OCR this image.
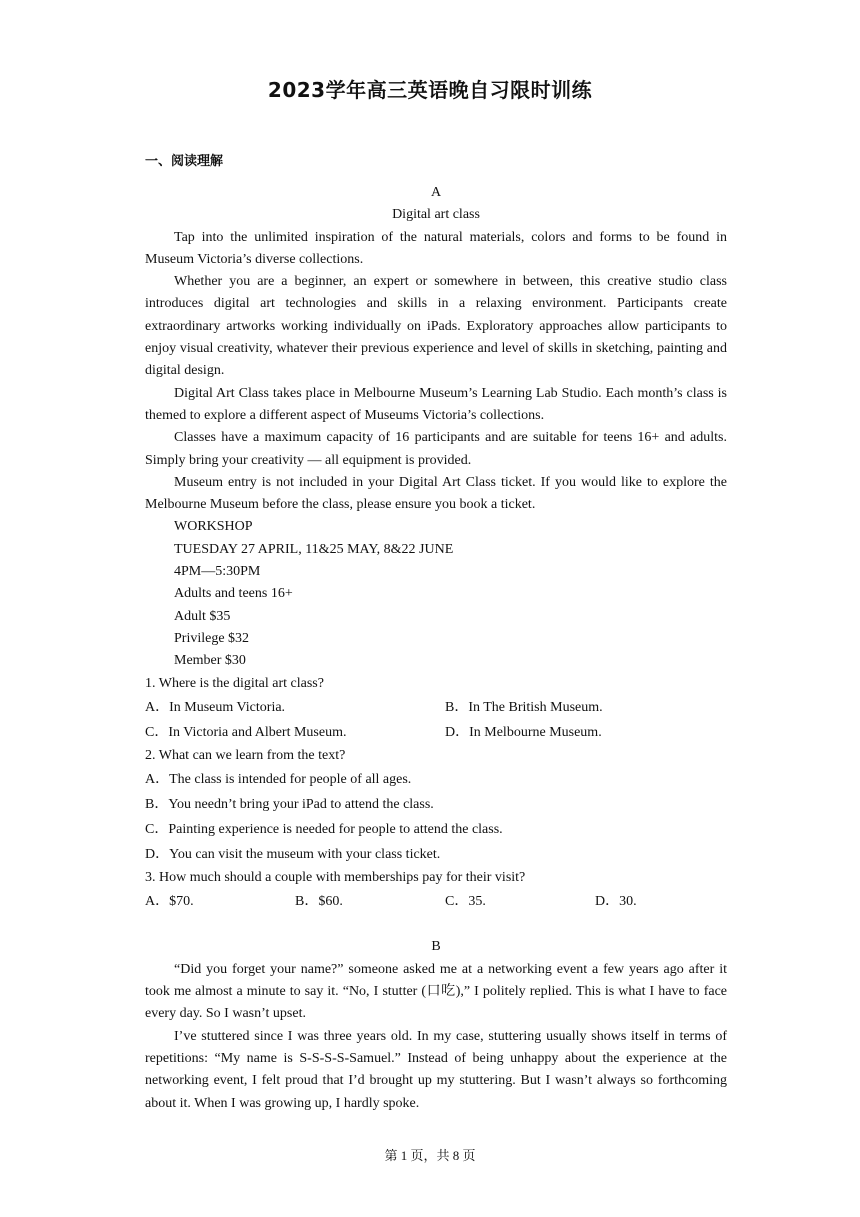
2023学年高三英语晚自习限时训练
一、阅读理解
A
Digital art class

Tap into the unlimited inspiration of the natural materials, colors and forms to be found in Museum Victoria’s diverse collections.

Whether you are a beginner, an expert or somewhere in between, this creative studio class introduces digital art technologies and skills in a relaxing environment. Participants create extraordinary artworks working individually on iPads. Exploratory approaches allow participants to enjoy visual creativity, whatever their previous experience and level of skills in sketching, painting and digital design.

Digital Art Class takes place in Melbourne Museum’s Learning Lab Studio. Each month’s class is themed to explore a different aspect of Museums Victoria’s collections.

Classes have a maximum capacity of 16 participants and are suitable for teens 16+ and adults. Simply bring your creativity — all equipment is provided.

Museum entry is not included in your Digital Art Class ticket. If you would like to explore the Melbourne Museum before the class, please ensure you book a ticket.

WORKSHOP

TUESDAY 27 APRIL, 11&25 MAY, 8&22 JUNE

4PM—5:30PM

Adults and teens 16+

Adult $35

Privilege $32

Member $30

1. Where is the digital art class?

A．In Museum Victoria.	B．In The British Museum.
C．In Victoria and Albert Museum.	D．In Melbourne Museum.

2. What can we learn from the text?

A．The class is intended for people of all ages.

B．You needn’t bring your iPad to attend the class.

C．Painting experience is needed for people to attend the class.

D．You can visit the museum with your class ticket.

3. How much should a couple with memberships pay for their visit?

A．$70.	B．$60.	C．35.	D．30.
B

“Did you forget your name?” someone asked me at a networking event a few years ago after it took me almost a minute to say it. “No, I stutter (口吃),” I politely replied. This is what I have to face every day. So I wasn’t upset.

I’ve stuttered since I was three years old. In my case, stuttering usually shows itself in terms of repetitions: “My name is S-S-S-S-Samuel.” Instead of being unhappy about the experience at the networking event, I felt proud that I’d brought up my stuttering. But I wasn’t always so forthcoming about it. When I was growing up, I hardly spoke.

第 1 页，共 8 页
